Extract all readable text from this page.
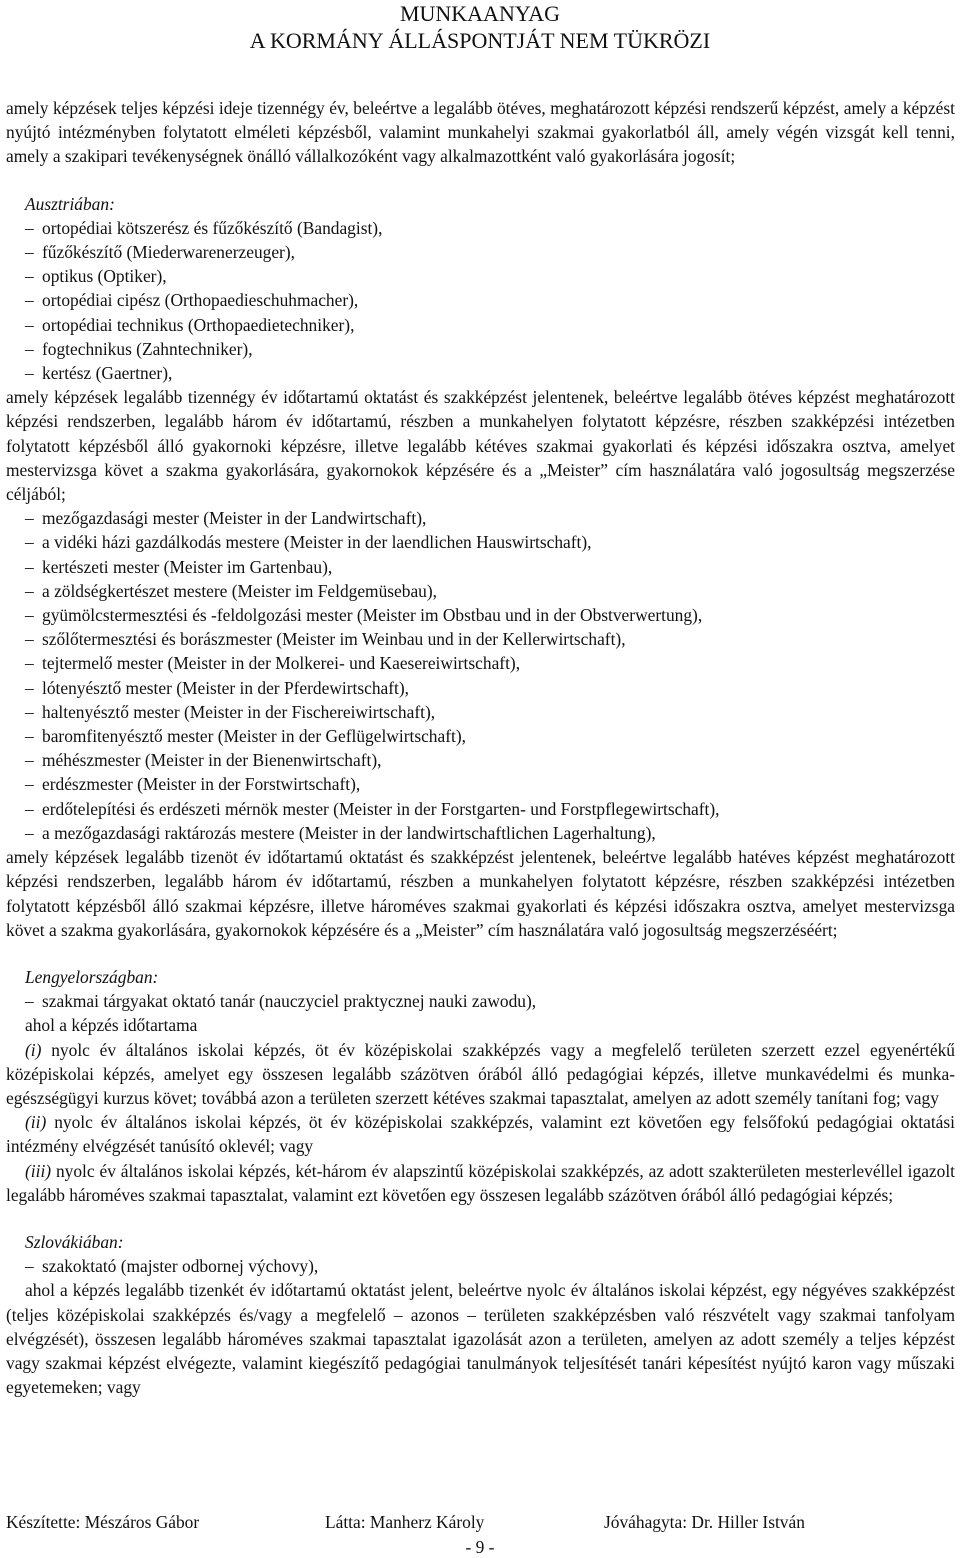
MUNKAANYAG
A KORMÁNY ÁLLÁSPONTJÁT NEM TÜKRÖZI

amely képzések teljes képzési ideje tizennégy év, beleértve a legalább ötéves, meghatározott képzési rendszerű képzést, amely a képzést nyújtó intézményben folytatott elméleti képzésből, valamint munkahelyi szakmai gyakorlatból áll, amely végén vizsgát kell tenni, amely a szakipari tevékenységnek önálló vállalkozóként vagy alkalmazottként való gyakorlására jogosít;

Ausztriában:

– ortopédiai kötszerész és fűzőkészítő (Bandagist),

– fűzőkészítő (Miederwarenerzeuger),

– optikus (Optiker),

– ortopédiai cipész (Orthopaedieschuhmacher),

– ortopédiai technikus (Orthopaedietechniker),

– fogtechnikus (Zahntechniker),

– kertész (Gaertner),

amely képzések legalább tizennégy év időtartamú oktatást és szakképzést jelentenek, beleértve legalább ötéves képzést meghatározott képzési rendszerben, legalább három év időtartamú, részben a munkahelyen folytatott képzésre, részben szakképzési intézetben folytatott képzésből álló gyakornoki képzésre, illetve legalább kétéves szakmai gyakorlati és képzési időszakra osztva, amelyet mestervizsga követ a szakma gyakorlására, gyakornokok képzésére és a „Meister” cím használatára való jogosultság megszerzése céljából;

– mezőgazdasági mester (Meister in der Landwirtschaft),

– a vidéki házi gazdálkodás mestere (Meister in der laendlichen Hauswirtschaft),

– kertészeti mester (Meister im Gartenbau),

– a zöldségkertészet mestere (Meister im Feldgemüsebau),

– gyümölcstermesztési és -feldolgozási mester (Meister im Obstbau und in der Obstverwertung),

– szőlőtermesztési és borászmester (Meister im Weinbau und in der Kellerwirtschaft),

– tejtermelő mester (Meister in der Molkerei- und Kaesereiwirtschaft),

– lótenyésztő mester (Meister in der Pferdewirtschaft),

– haltenyésztő mester (Meister in der Fischereiwirtschaft),

– baromfitenyésztő mester (Meister in der Geflügelwirtschaft),

– méhészmester (Meister in der Bienenwirtschaft),

– erdészmester (Meister in der Forstwirtschaft),

– erdőtelepítési és erdészeti mérnök mester (Meister in der Forstgarten- und Forstpflegewirtschaft),

– a mezőgazdasági raktározás mestere (Meister in der landwirtschaftlichen Lagerhaltung),

amely képzések legalább tizenöt év időtartamú oktatást és szakképzést jelentenek, beleértve legalább hatéves képzést meghatározott képzési rendszerben, legalább három év időtartamú, részben a munkahelyen folytatott képzésre, részben szakképzési intézetben folytatott képzésből álló szakmai képzésre, illetve hároméves szakmai gyakorlati és képzési időszakra osztva, amelyet mestervizsga követ a szakma gyakorlására, gyakornokok képzésére és a „Meister” cím használatára való jogosultság megszerzéséért;

Lengyelországban:

– szakmai tárgyakat oktató tanár (nauczyciel praktycznej nauki zawodu),

ahol a képzés időtartama

(i) nyolc év általános iskolai képzés, öt év középiskolai szakképzés vagy a megfelelő területen szerzett ezzel egyenértékű középiskolai képzés, amelyet egy összesen legalább százötven órából álló pedagógiai képzés, illetve munkavédelmi és munka-egészségügyi kurzus követ; továbbá azon a területen szerzett kétéves szakmai tapasztalat, amelyen az adott személy tanítani fog; vagy

(ii) nyolc év általános iskolai képzés, öt év középiskolai szakképzés, valamint ezt követően egy felsőfokú pedagógiai oktatási intézmény elvégzését tanúsító oklevél; vagy

(iii) nyolc év általános iskolai képzés, két-három év alapszintű középiskolai szakképzés, az adott szakterületen mesterlevéllel igazolt legalább hároméves szakmai tapasztalat, valamint ezt követően egy összesen legalább százötven órából álló pedagógiai képzés;

Szlovákiában:

– szakoktató (majster odbornej výchovy),

ahol a képzés legalább tizenkét év időtartamú oktatást jelent, beleértve nyolc év általános iskolai képzést, egy négyéves szakképzést (teljes középiskolai szakképzés és/vagy a megfelelő – azonos – területen szakképzésben való részvételt vagy szakmai tanfolyam elvégzését), összesen legalább hároméves szakmai tapasztalat igazolását azon a területen, amelyen az adott személy a teljes képzést vagy szakmai képzést elvégezte, valamint kiegészítő pedagógiai tanulmányok teljesítését tanári képesítést nyújtó karon vagy műszaki egyetemeken; vagy

Készítette: Mészáros Gábor	Látta: Manherz Károly	Jóváhagyta: Dr. Hiller István
- 9 -
